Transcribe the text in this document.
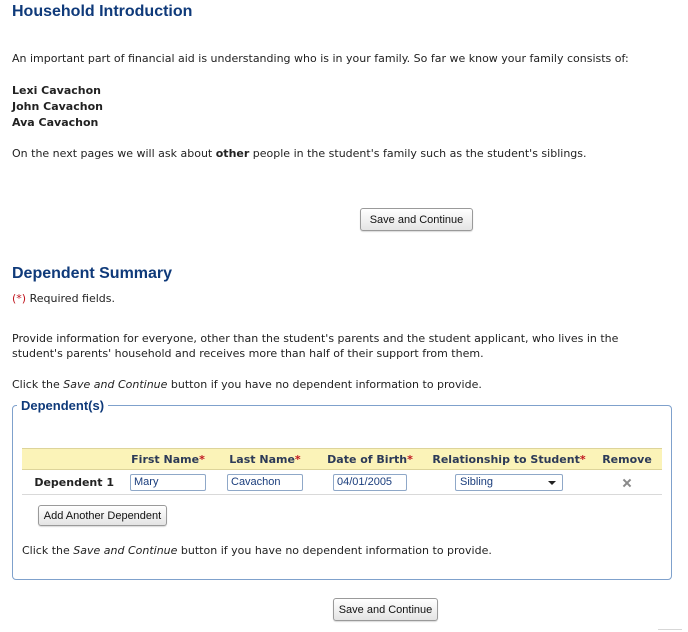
Household Introduction

An important part of financial aid is understanding who is in your family. So far we know your family consists of:

Lexi Cavachon
John Cavachon
Ava Cavachon

On the next pages we will ask about other people in the student's family such as the student's siblings.

Save and Continue
Dependent Summary

(*) Required fields.

Provide information for everyone, other than the student's parents and the student applicant, who lives in the student's parents' household and receives more than half of their support from them.

Click the Save and Continue button if you have no dependent information to provide.

Dependent(s)
	First Name*	Last Name*	Date of Birth*	Relationship to Student*	Remove
Dependent 1	Mary	Cavachon	04/01/2005	Sibling

Add Another Dependent

Click the Save and Continue button if you have no dependent information to provide.

Save and Continue
